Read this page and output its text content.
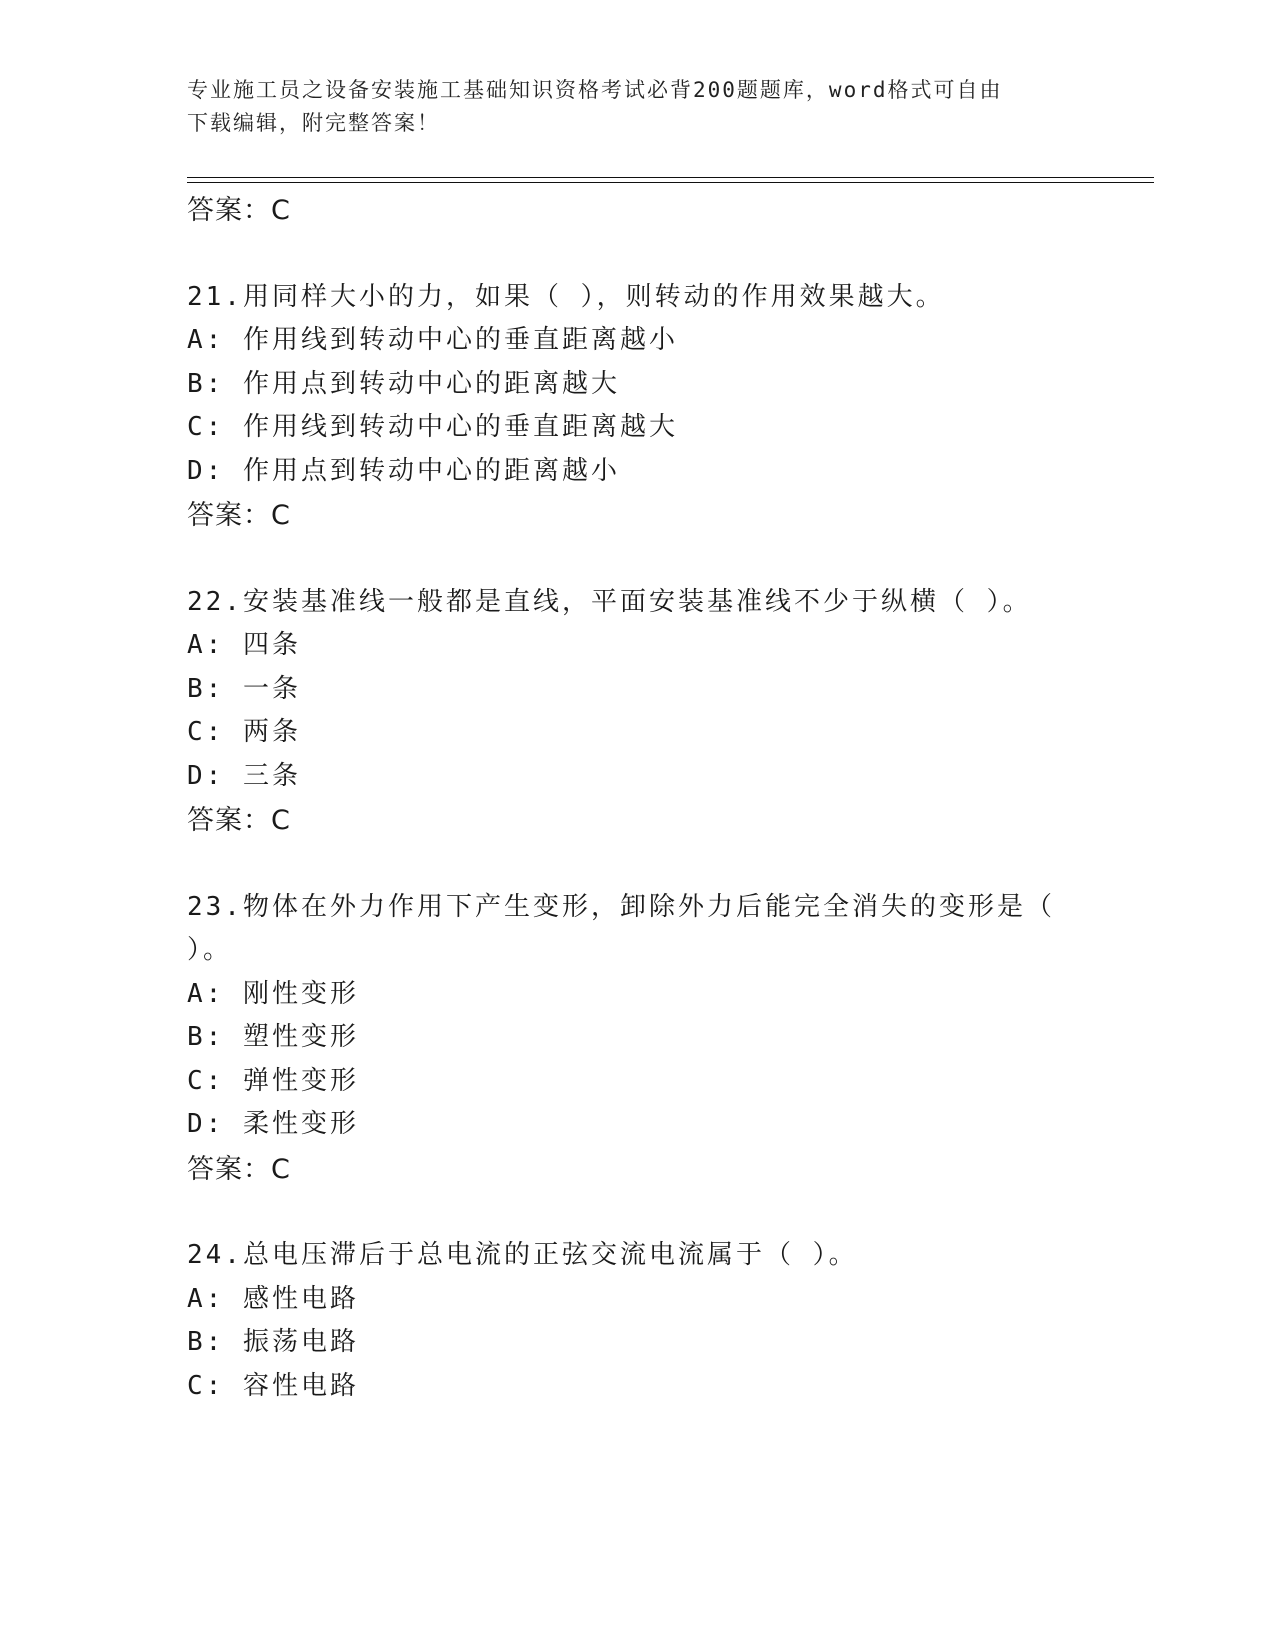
专业施工员之设备安装施工基础知识资格考试必背200题题库，word格式可自由
下载编辑，附完整答案！
答案：C
21.用同样大小的力，如果（ ），则转动的作用效果越大。
A: 作用线到转动中心的垂直距离越小
B: 作用点到转动中心的距离越大
C: 作用线到转动中心的垂直距离越大
D: 作用点到转动中心的距离越小
答案：C
22.安装基准线一般都是直线，平面安装基准线不少于纵横（ ）。
A: 四条
B: 一条
C: 两条
D: 三条
答案：C
23.物体在外力作用下产生变形，卸除外力后能完全消失的变形是（
）。
A: 刚性变形
B: 塑性变形
C: 弹性变形
D: 柔性变形
答案：C
24.总电压滞后于总电流的正弦交流电流属于（ ）。
A: 感性电路
B: 振荡电路
C: 容性电路
